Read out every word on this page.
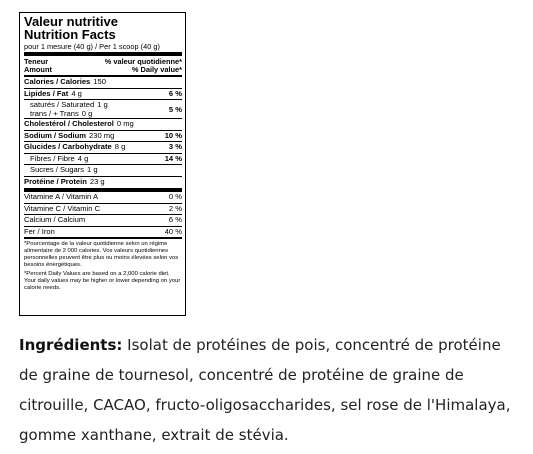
Valeur nutritive
Nutrition Facts
pour 1 mesure (40 g) / Per 1 scoop (40 g)
Teneur
Amount
% valeur quotidienne*
% Daily value*
Calories / Calories 150
Lipides / Fat 4 g	6 %
saturés / Saturated 1 g
trans / + Trans 0 g	5 %
Cholestérol / Cholesterol 0 mg
Sodium / Sodium 230 mg	10 %
Glucides / Carbohydrate 8 g	3 %
Fibres / Fibre 4 g	14 %
Sucres / Sugars 1 g
Protéine / Protein 23 g
Vitamine A / Vitamin A	0 %
Vitamine C / Vitamin C	2 %
Calcium / Calcium	6 %
Fer / Iron	40 %

*Pourcentage de la valeur quotidienne selon un régime alimentaire de 2 000 calories. Vos valeurs quotidiennes personnelles peuvent être plus ou moins élevées selon vos besoins énergétiques.

*Percent Daily Values are based on a 2,000 calorie diet. Your daily values may be higher or lower depending on your calorie needs.

Ingrédients: Isolat de protéines de pois, concentré de protéine de graine de tournesol, concentré de protéine de graine de citrouille, CACAO, fructo-oligosaccharides, sel rose de l'Himalaya, gomme xanthane, extrait de stévia.
